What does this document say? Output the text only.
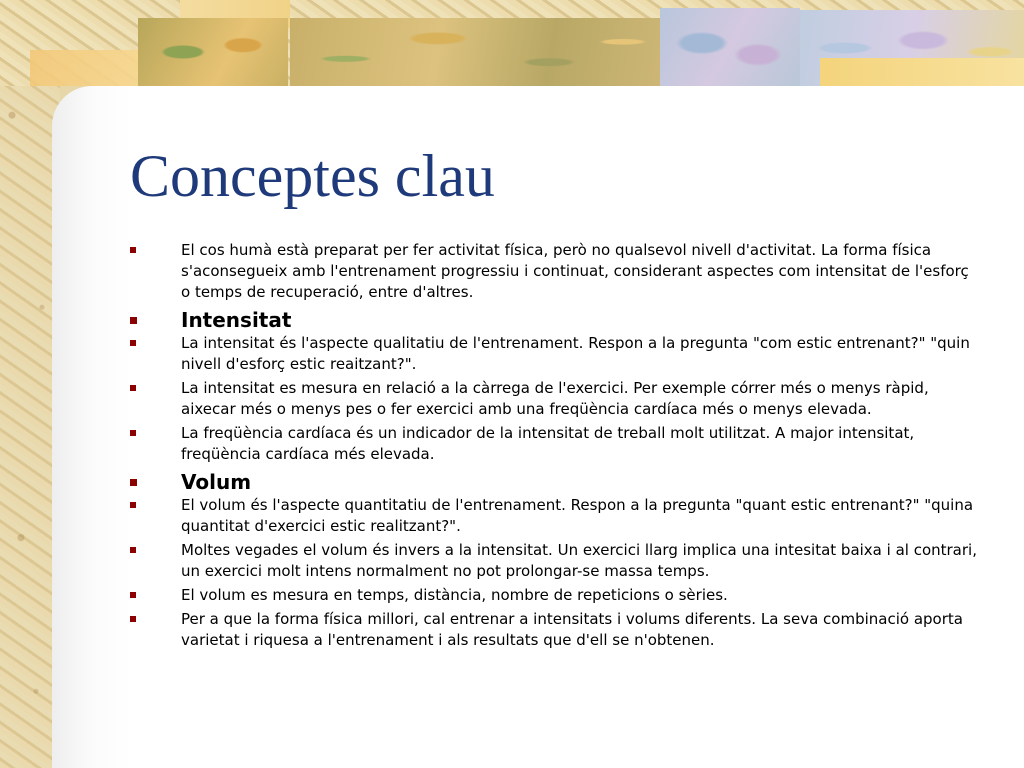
Conceptes clau
El cos humà està preparat per fer activitat física, però no qualsevol nivell d'activitat. La forma física s'aconsegueix amb l'entrenament progressiu i continuat, considerant aspectes com intensitat de l'esforç o temps de recuperació, entre d'altres.
Intensitat
La intensitat és l'aspecte qualitatiu de l'entrenament. Respon a la pregunta "com estic entrenant?" "quin nivell d'esforç estic reaitzant?".
La intensitat es mesura en relació a la càrrega de l'exercici. Per exemple córrer més o menys ràpid, aixecar més o menys pes o fer exercici amb una freqüència cardíaca més o menys elevada.
La freqüència cardíaca és un indicador de la intensitat de treball molt utilitzat. A major intensitat, freqüència cardíaca més elevada.
Volum
El volum és l'aspecte quantitatiu de l'entrenament. Respon a la pregunta "quant estic entrenant?" "quina quantitat d'exercici estic realitzant?".
Moltes vegades el volum és invers a la intensitat. Un exercici llarg implica una intesitat baixa i al contrari, un exercici molt intens normalment no pot prolongar-se massa temps.
El volum es mesura en temps, distància, nombre de repeticions o sèries.
Per a que la forma física millori, cal entrenar a intensitats i volums diferents. La seva combinació aporta varietat i riquesa a l'entrenament i als resultats que d'ell se n'obtenen.
